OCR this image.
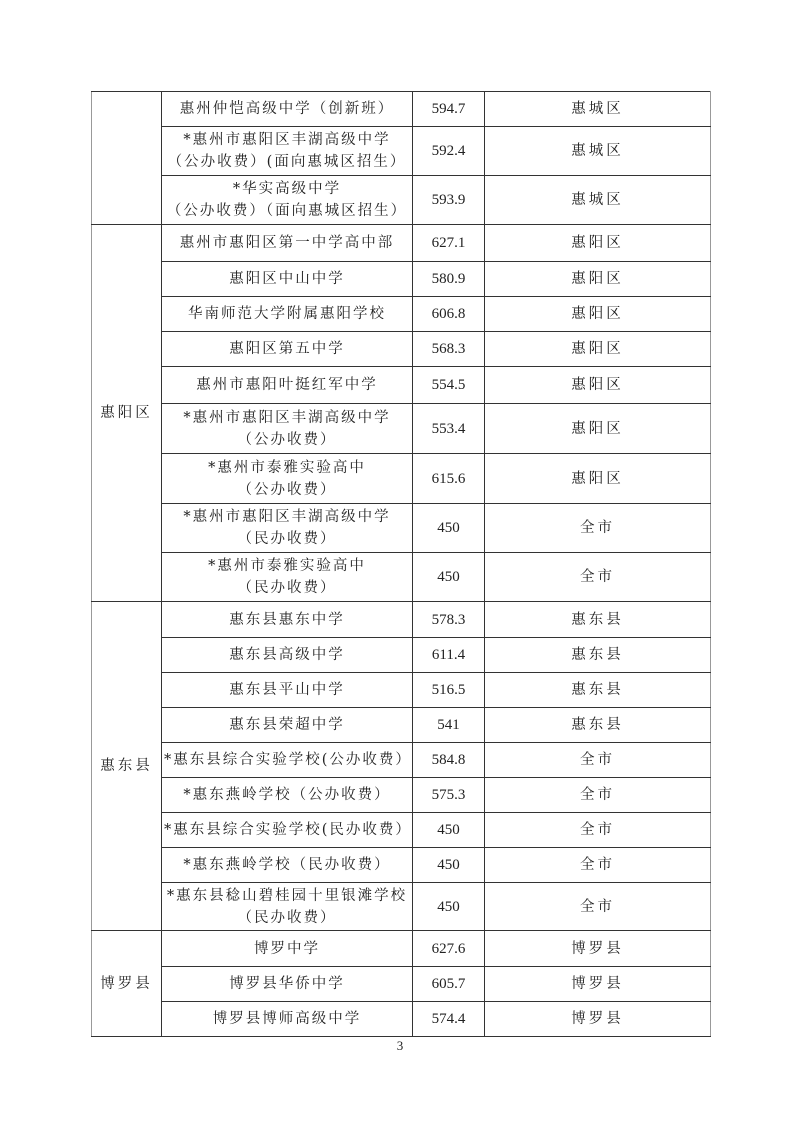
	惠州仲恺高级中学（创新班）	594.7	惠城区

	*惠州市惠阳区丰湖高级中学
（公办收费）(面向惠城区招生）	592.4	惠城区

	*华实高级中学
（公办收费）（面向惠城区招生）	593.9	惠城区
惠阳区	惠州市惠阳区第一中学高中部	627.1	惠阳区

	惠阳区中山中学	580.9	惠阳区

	华南师范大学附属惠阳学校	606.8	惠阳区

	惠阳区第五中学	568.3	惠阳区

	惠州市惠阳叶挺红军中学	554.5	惠阳区

	*惠州市惠阳区丰湖高级中学
（公办收费）	553.4	惠阳区

	*惠州市泰雅实验高中
（公办收费）	615.6	惠阳区

	*惠州市惠阳区丰湖高级中学
（民办收费）	450	全市

	*惠州市泰雅实验高中
（民办收费）	450	全市
惠东县	惠东县惠东中学	578.3	惠东县

	惠东县高级中学	611.4	惠东县

	惠东县平山中学	516.5	惠东县

	惠东县荣超中学	541	惠东县

	*惠东县综合实验学校(公办收费）	584.8	全市

	*惠东燕岭学校（公办收费）	575.3	全市

	*惠东县综合实验学校(民办收费）	450	全市

	*惠东燕岭学校（民办收费）	450	全市

	*惠东县稔山碧桂园十里银滩学校
（民办收费）	450	全市
博罗县	博罗中学	627.6	博罗县

	博罗县华侨中学	605.7	博罗县

	博罗县博师高级中学	574.4	博罗县
3
